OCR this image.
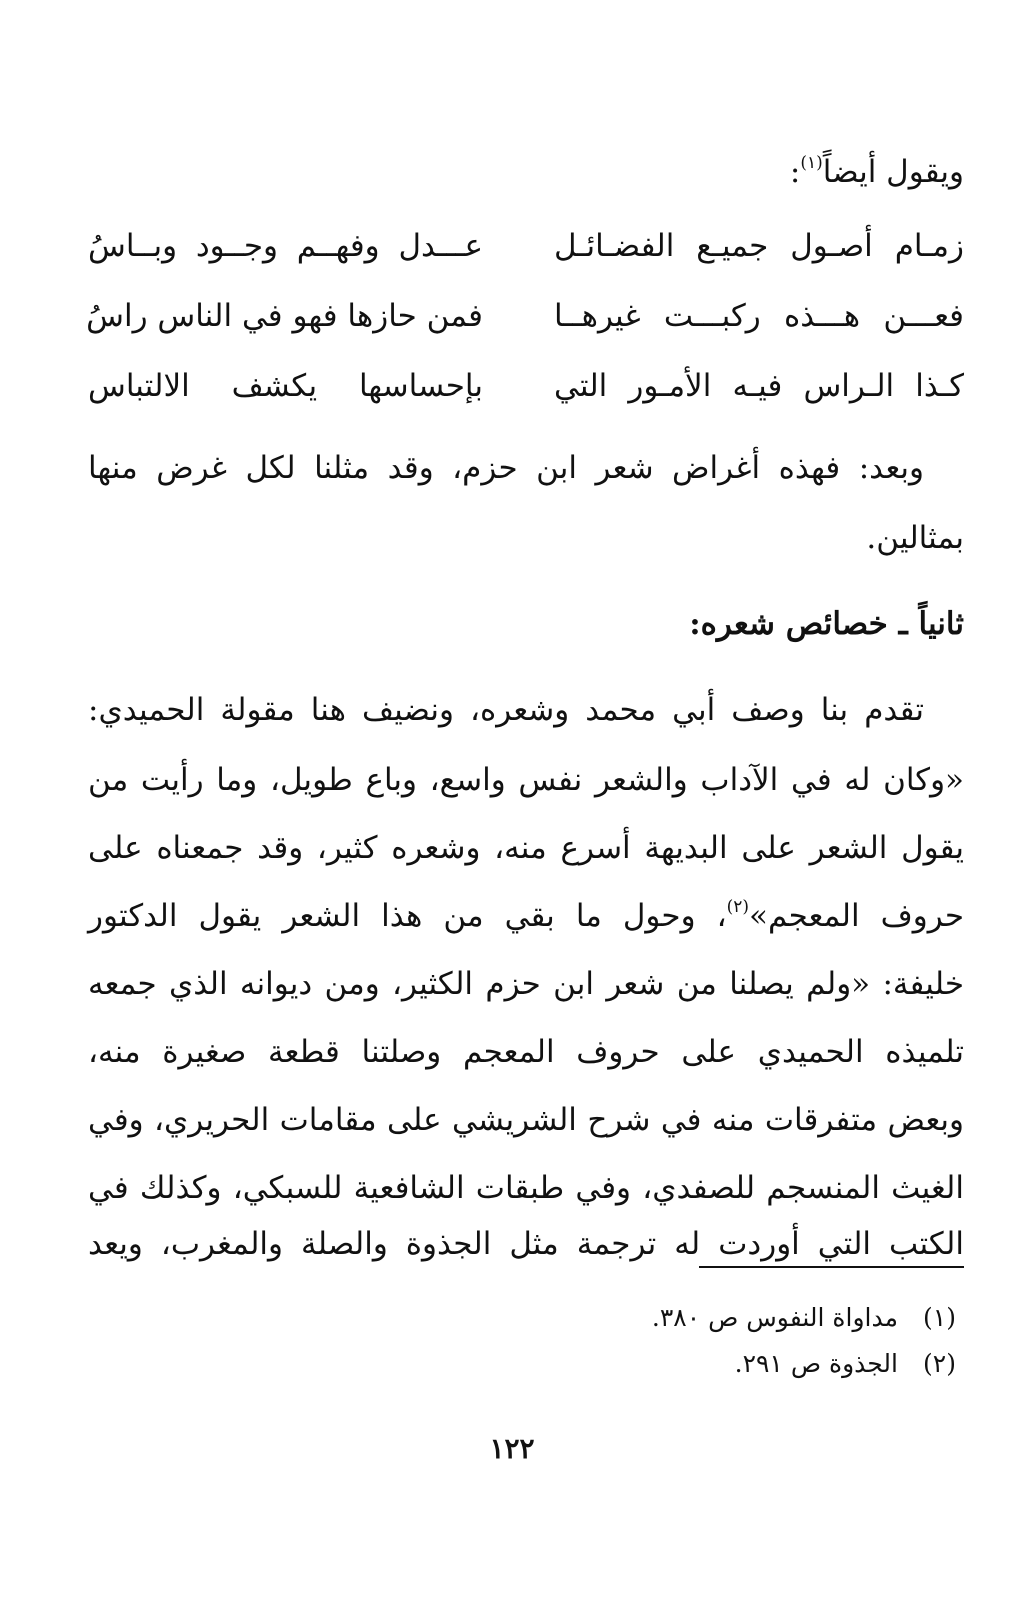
ويقول أيضاً$^{(١)}$:
زمـام أصـول جميـع الفضـائـل
عـــدل وفهــم وجــود وبــاسُ
فعـــن هـــذه ركبـــت غيرهــا
فمن حازها فهو في الناس راسُ
كـذا الـراس فيـه الأمـور التي
بإحساسها يكشف الالتباس
وبعد: فهذه أغراض شعر ابن حزم، وقد مثلنا لكل غرض منها
بمثالين.
ثانياً ـ خصائص شعره:
تقدم بنا وصف أبي محمد وشعره، ونضيف هنا مقولة الحميدي:
«وكان له في الآداب والشعر نفس واسع، وباع طويل، وما رأيت من
يقول الشعر على البديهة أسرع منه، وشعره كثير، وقد جمعناه على
حروف المعجم»$^{(٢)}$، وحول ما بقي من هذا الشعر يقول الدكتور
خليفة: «ولم يصلنا من شعر ابن حزم الكثير، ومن ديوانه الذي جمعه
تلميذه الحميدي على حروف المعجم وصلتنا قطعة صغيرة منه،
وبعض متفرقات منه في شرح الشريشي على مقامات الحريري، وفي
الغيث المنسجم للصفدي، وفي طبقات الشافعية للسبكي، وكذلك في
الكتب التي أوردت له ترجمة مثل الجذوة والصلة والمغرب، ويعد
(١)مداواة النفوس ص ٣٨٠.
(٢)الجذوة ص ٢٩١.
١٢٢
